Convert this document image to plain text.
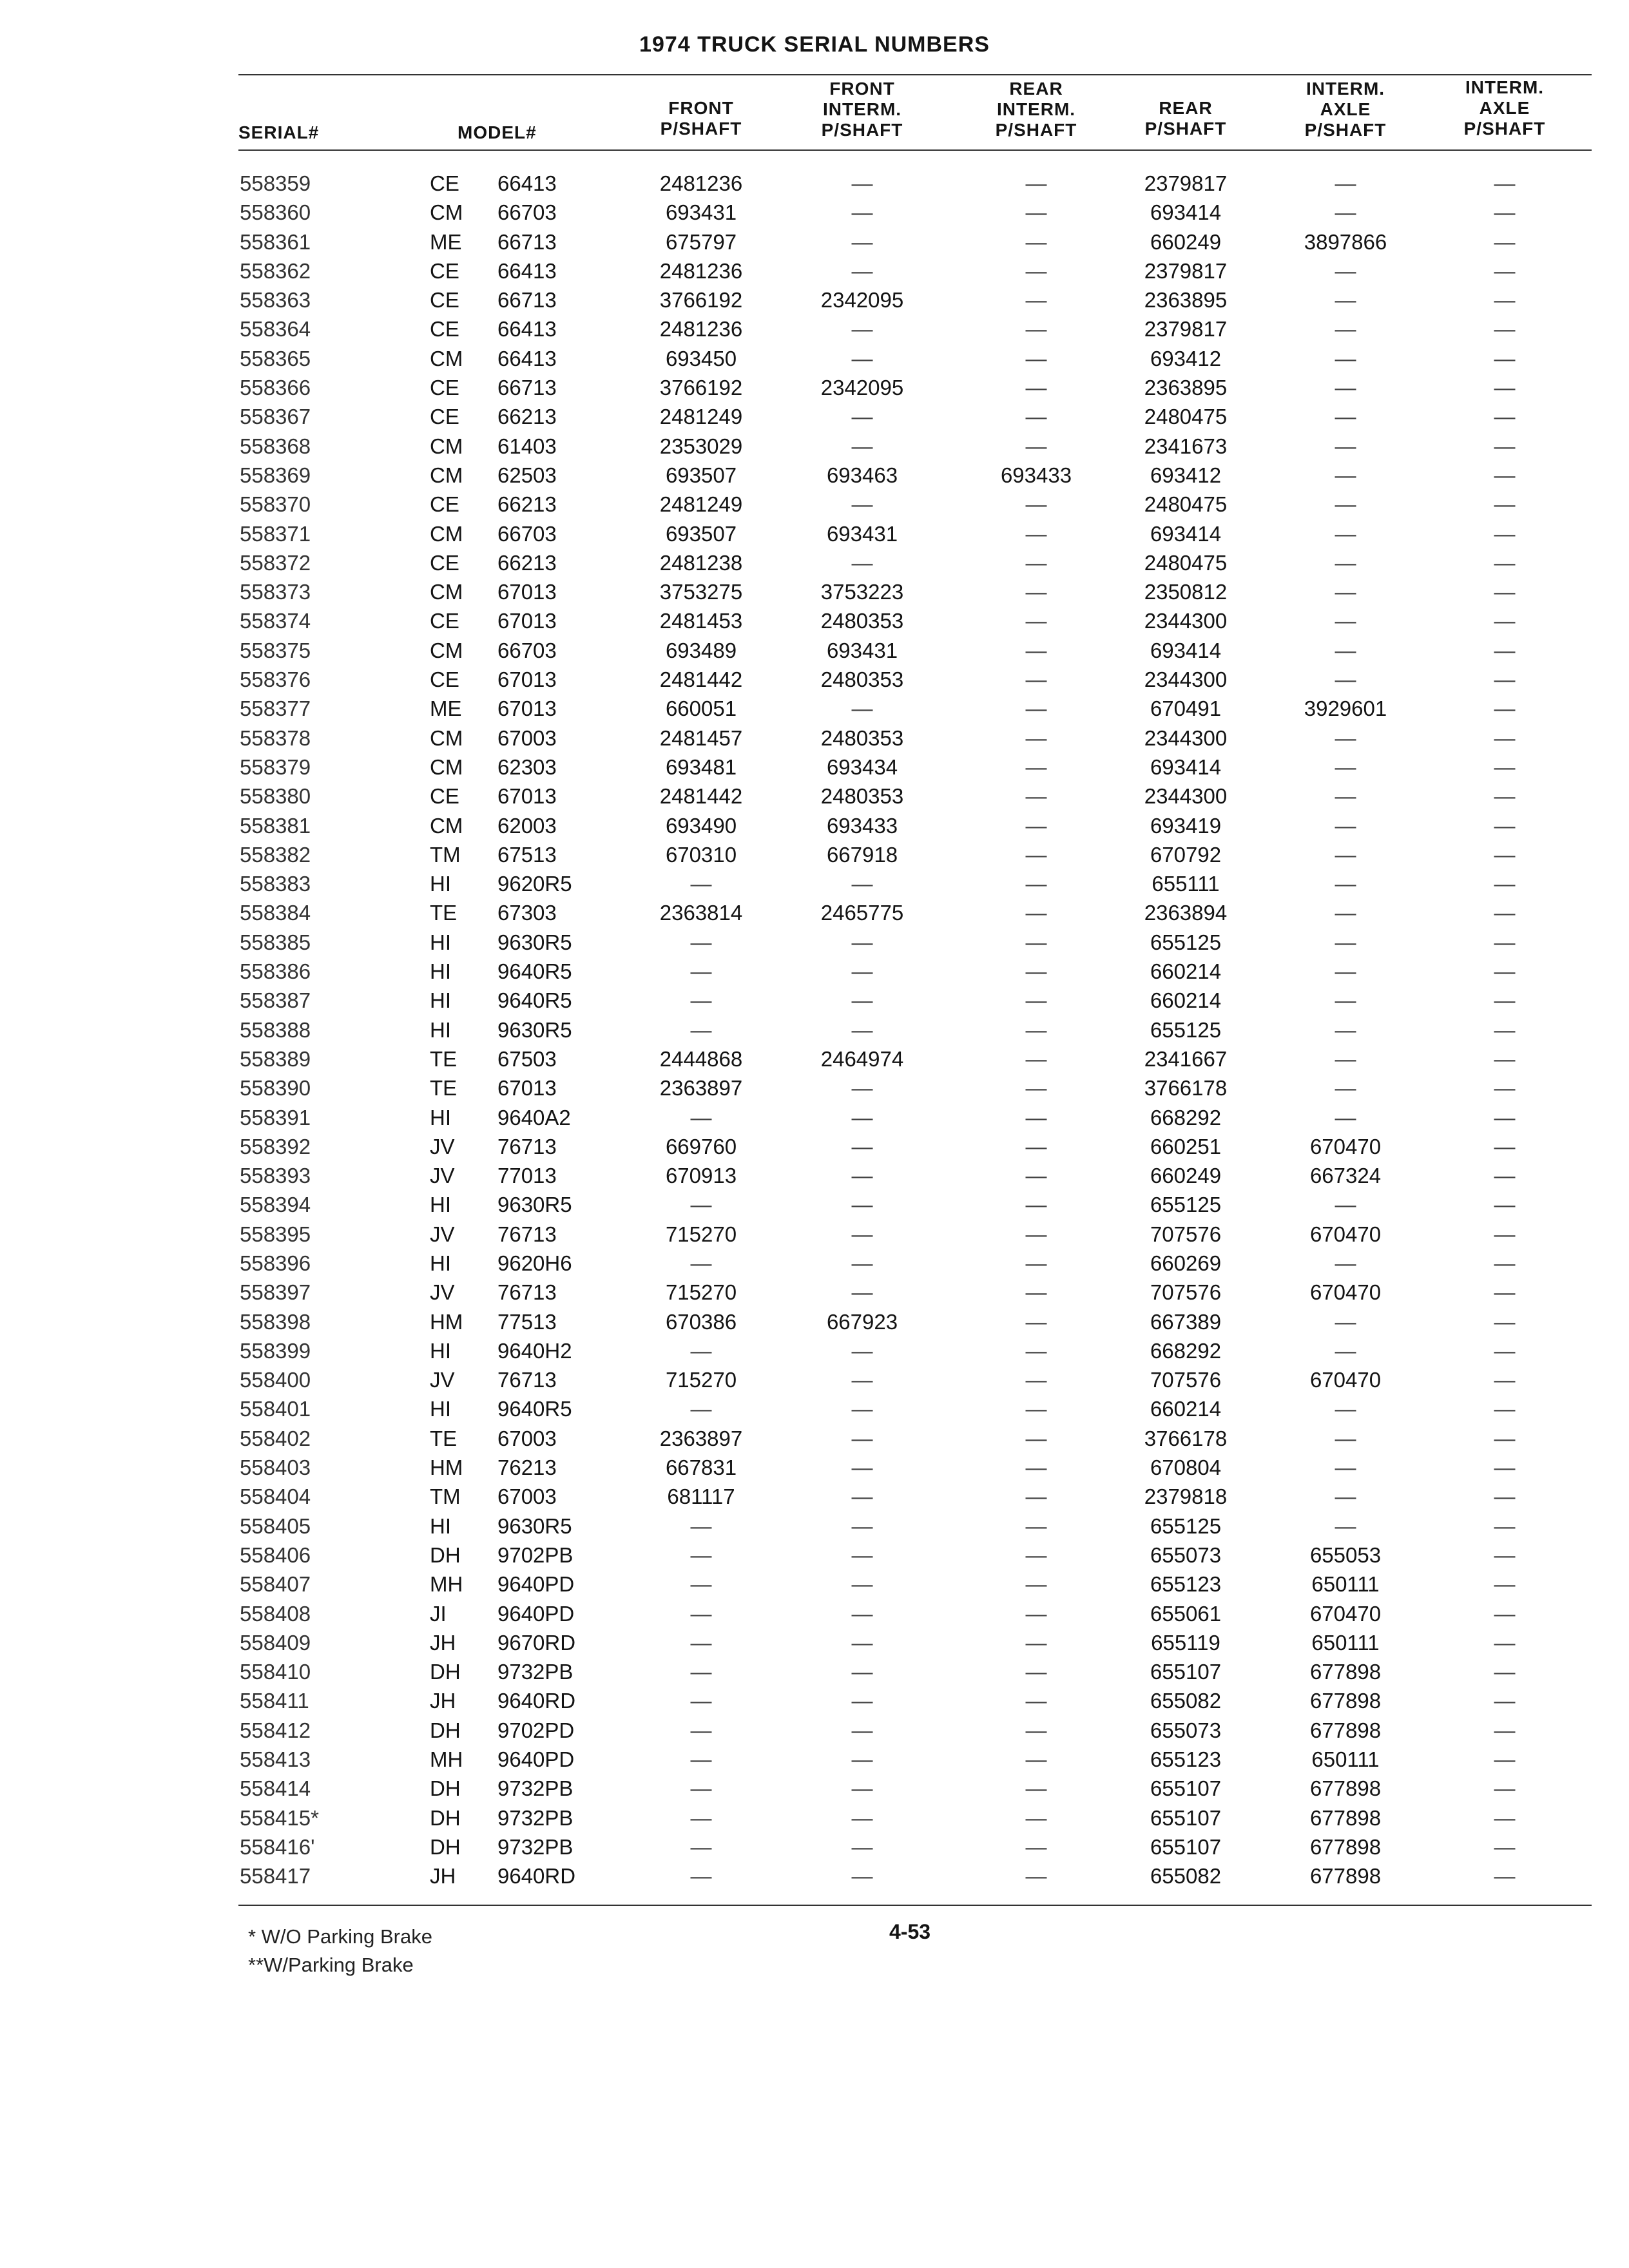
1974 TRUCK SERIAL NUMBERS
SERIAL#	MODEL#
FRONT
P/SHAFT
FRONT
INTERM.
P/SHAFT
REAR
INTERM.
P/SHAFT
REAR
P/SHAFT
INTERM.
AXLE
P/SHAFT
INTERM.
AXLE
P/SHAFT
558359	CE 66413	2481236	—	—	2379817	—	—
558360	CM 66703	693431	—	—	693414	—	—
558361	ME 66713	675797	—	—	660249	3897866	—
558362	CE 66413	2481236	—	—	2379817	—	—
558363	CE 66713	3766192	2342095	—	2363895	—	—
558364	CE 66413	2481236	—	—	2379817	—	—
558365	CM 66413	693450	—	—	693412	—	—
558366	CE 66713	3766192	2342095	—	2363895	—	—
558367	CE 66213	2481249	—	—	2480475	—	—
558368	CM 61403	2353029	—	—	2341673	—	—
558369	CM 62503	693507	693463	693433	693412	—	—
558370	CE 66213	2481249	—	—	2480475	—	—
558371	CM 66703	693507	693431	—	693414	—	—
558372	CE 66213	2481238	—	—	2480475	—	—
558373	CM 67013	3753275	3753223	—	2350812	—	—
558374	CE 67013	2481453	2480353	—	2344300	—	—
558375	CM 66703	693489	693431	—	693414	—	—
558376	CE 67013	2481442	2480353	—	2344300	—	—
558377	ME 67013	660051	—	—	670491	3929601	—
558378	CM 67003	2481457	2480353	—	2344300	—	—
558379	CM 62303	693481	693434	—	693414	—	—
558380	CE 67013	2481442	2480353	—	2344300	—	—
558381	CM 62003	693490	693433	—	693419	—	—
558382	TM 67513	670310	667918	—	670792	—	—
558383	HI 9620R5	—	—	—	655111	—	—
558384	TE 67303	2363814	2465775	—	2363894	—	—
558385	HI 9630R5	—	—	—	655125	—	—
558386	HI 9640R5	—	—	—	660214	—	—
558387	HI 9640R5	—	—	—	660214	—	—
558388	HI 9630R5	—	—	—	655125	—	—
558389	TE 67503	2444868	2464974	—	2341667	—	—
558390	TE 67013	2363897	—	—	3766178	—	—
558391	HI 9640A2	—	—	—	668292	—	—
558392	JV 76713	669760	—	—	660251	670470	—
558393	JV 77013	670913	—	—	660249	667324	—
558394	HI 9630R5	—	—	—	655125	—	—
558395	JV 76713	715270	—	—	707576	670470	—
558396	HI 9620H6	—	—	—	660269	—	—
558397	JV 76713	715270	—	—	707576	670470	—
558398	HM 77513	670386	667923	—	667389	—	—
558399	HI 9640H2	—	—	—	668292	—	—
558400	JV 76713	715270	—	—	707576	670470	—
558401	HI 9640R5	—	—	—	660214	—	—
558402	TE 67003	2363897	—	—	3766178	—	—
558403	HM 76213	667831	—	—	670804	—	—
558404	TM 67003	681117	—	—	2379818	—	—
558405	HI 9630R5	—	—	—	655125	—	—
558406	DH 9702PB	—	—	—	655073	655053	—
558407	MH 9640PD	—	—	—	655123	650111	—
558408	JI 9640PD	—	—	—	655061	670470	—
558409	JH 9670RD	—	—	—	655119	650111	—
558410	DH 9732PB	—	—	—	655107	677898	—
558411	JH 9640RD	—	—	—	655082	677898	—
558412	DH 9702PD	—	—	—	655073	677898	—
558413	MH 9640PD	—	—	—	655123	650111	—
558414	DH 9732PB	—	—	—	655107	677898	—
558415*	DH 9732PB	—	—	—	655107	677898	—
558416'	DH 9732PB	—	—	—	655107	677898	—
558417	JH 9640RD	—	—	—	655082	677898	—
* W/O Parking Brake
**W/Parking Brake
4-53
